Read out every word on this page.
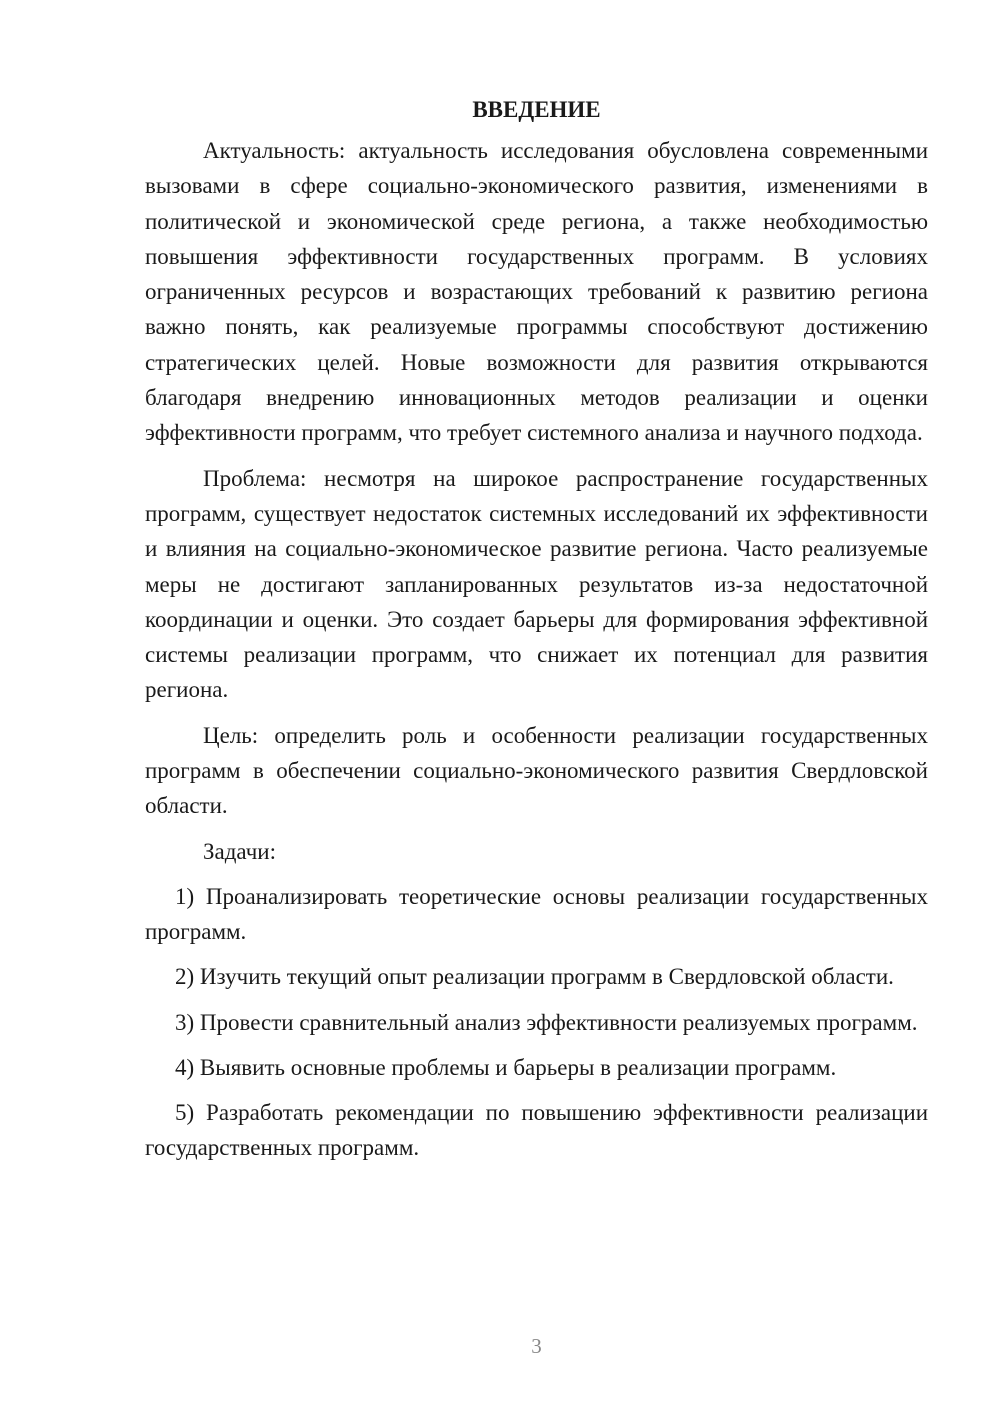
ВВЕДЕНИЕ

Актуальность: актуальность исследования обусловлена современными вызовами в сфере социально-экономического развития, изменениями в политической и экономической среде региона, а также необходимостью повышения эффективности государственных программ. В условиях ограниченных ресурсов и возрастающих требований к развитию региона важно понять, как реализуемые программы способствуют достижению стратегических целей. Новые возможности для развития открываются благодаря внедрению инновационных методов реализации и оценки эффективности программ, что требует системного анализа и научного подхода.

Проблема: несмотря на широкое распространение государственных программ, существует недостаток системных исследований их эффективности и влияния на социально-экономическое развитие региона. Часто реализуемые меры не достигают запланированных результатов из-за недостаточной координации и оценки. Это создает барьеры для формирования эффективной системы реализации программ, что снижает их потенциал для развития региона.

Цель: определить роль и особенности реализации государственных программ в обеспечении социально-экономического развития Свердловской области.

Задачи:

1) Проанализировать теоретические основы реализации государственных программ.

2) Изучить текущий опыт реализации программ в Свердловской области.

3) Провести сравнительный анализ эффективности реализуемых программ.

4) Выявить основные проблемы и барьеры в реализации программ.

5) Разработать рекомендации по повышению эффективности реализации государственных программ.

3
